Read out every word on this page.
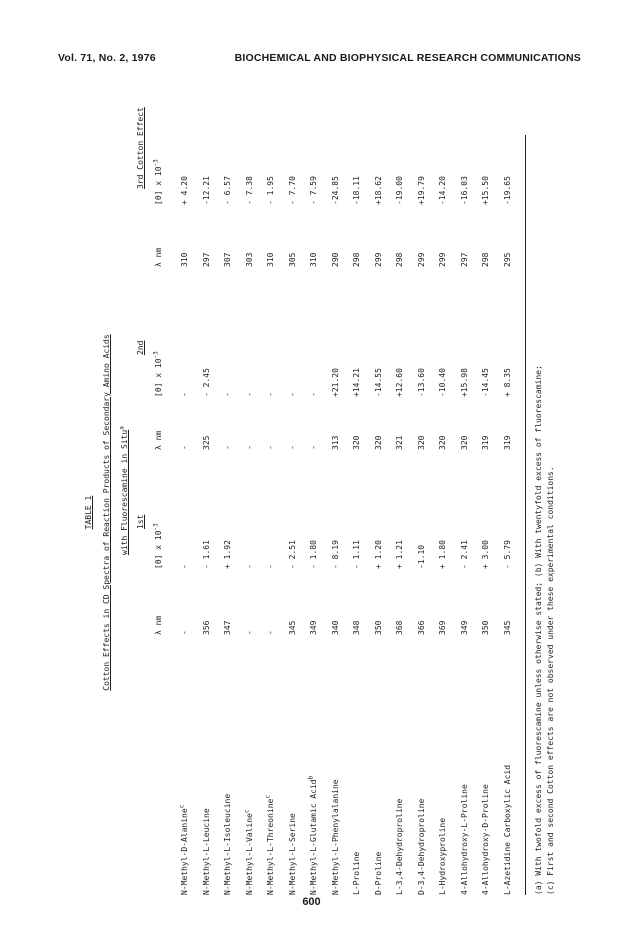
Vol. 71, No. 2, 1976	BIOCHEMICAL AND BIOPHYSICAL RESEARCH COMMUNICATIONS
TABLE 1 Cotton Effects in CD Spectra of Reaction Products of Secondary Amino Acids with Fluorescamine in Situ$^a$
1st
2nd
3rd Cotton Effect
λ nm
[θ] x $10^{-3}$
λ nm
[θ] x $10^{-3}$
λ nm
[θ] x $10^{-3}$
N-Methyl-D-Alanine$^c$
-
-
-
-
310
+ 4.20
N-Methyl-L-Leucine
356
- 1.61
325
- 2.45
297
-12.21
N-Methyl-L-Isoleucine
347
+ 1.92
-
-
307
- 6.57
N-Methyl-L-Valine$^c$
-
-
-
-
303
- 7.38
N-Methyl-L-Threonine$^c$
-
-
-
-
310
- 1.95
N-Methyl-L-Serine
345
- 2.51
-
-
305
- 7.70
N-Methyl-L-Glutamic Acid$^b$
349
- 1.80
-
-
310
- 7.59
N-Methyl-L-Phenylalanine
340
- 8.19
313
+21.20
290
-24.85
L-Proline
348
- 1.11
320
+14.21
298
-18.11
D-Proline
350
+ 1.20
320
-14.55
299
+18.62
L-3,4-Dehydroproline
368
+ 1.21
321
+12.60
298
-19.00
D-3,4-Dehydroproline
366
-1.10
320
-13.60
299
+19.79
L-Hydroxyproline
369
+ 1.80
320
-10.40
299
-14.20
4-Allohydroxy-L-Proline
349
- 2.41
320
+15.98
297
-16.03
4-Allohydroxy-D-Proline
350
+ 3.00
319
-14.45
298
+15.50
L-Azetidine Carboxylic Acid
345
- 5.79
319
+ 8.35
295
-19.65
(a) With twofold excess of fluorescamine unless otherwise stated; (b) With twentyfold excess of fluorescamine; (c) First and second Cotton effects are not observed under these experimental conditions.
600
